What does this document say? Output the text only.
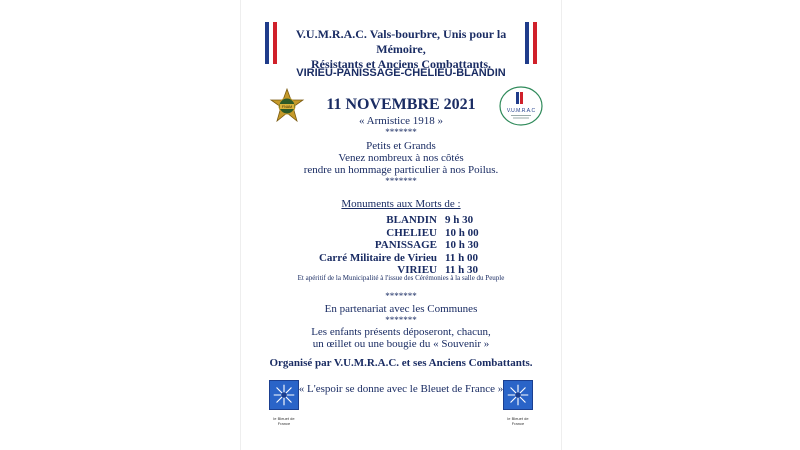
V.U.M.R.A.C. Vals-bourbre, Unis pour la Mémoire,
Résistants et Anciens Combattants.
VIRIEU-PANISSAGE-CHELIEU-BLANDIN
FNAM
V.U.M.R.A.C
11 NOVEMBRE 2021
« Armistice 1918 »
*******
Petits et Grands
Venez nombreux à nos côtés
rendre un hommage particulier à nos Poilus.
*******
Monuments aux Morts de :
BLANDIN 9 h 30
CHELIEU 10 h 00
PANISSAGE 10 h 30
Carré Militaire de Virieu 11 h 00
VIRIEU 11 h 30
Et apéritif de la Municipalité à l'issue des Cérémonies à la salle du Peuple
*******
En partenariat avec les Communes
*******
Les enfants présents déposeront, chacun,
un œillet ou une bougie du « Souvenir »
Organisé par V.U.M.R.A.C. et ses Anciens Combattants.
le Bleuet de France
« L'espoir se donne avec le Bleuet de France »
le Bleuet de France
